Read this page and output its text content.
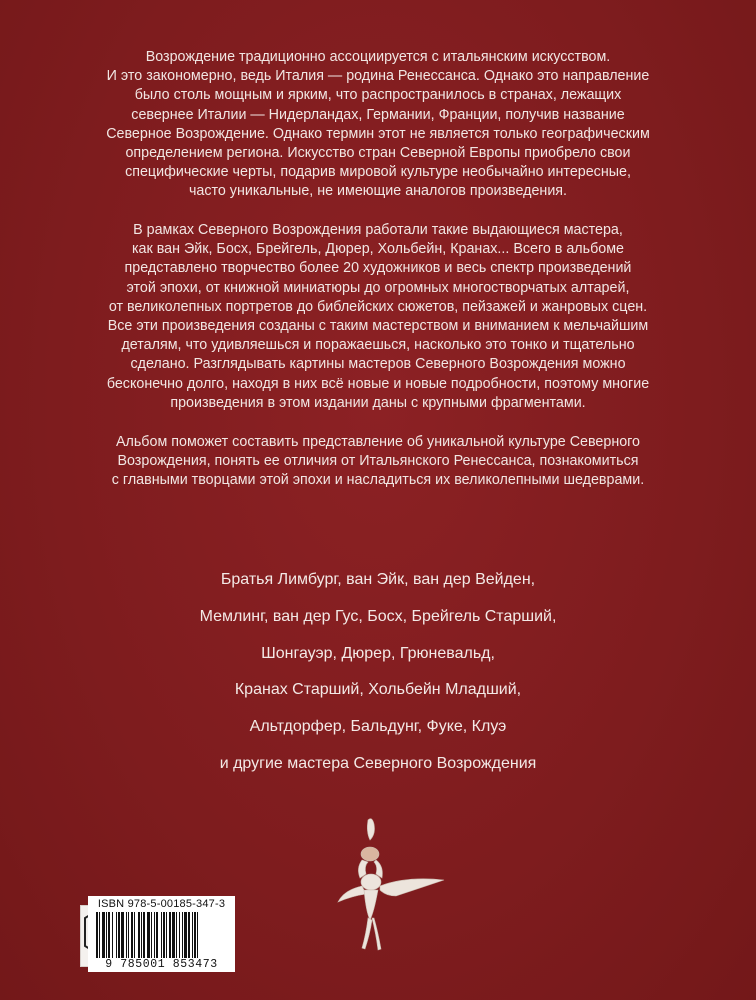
Возрождение традиционно ассоциируется с итальянским искусством.
И это закономерно, ведь Италия — родина Ренессанса. Однако это направление
было столь мощным и ярким, что распространилось в странах, лежащих
севернее Италии — Нидерландах, Германии, Франции, получив название
Северное Возрождение. Однако термин этот не является только географическим
определением региона. Искусство стран Северной Европы приобрело свои
специфические черты, подарив мировой культуре необычайно интересные,
часто уникальные, не имеющие аналогов произведения.
В рамках Северного Возрождения работали такие выдающиеся мастера,
как ван Эйк, Босх, Брейгель, Дюрер, Хольбейн, Кранах... Всего в альбоме
представлено творчество более 20 художников и весь спектр произведений
этой эпохи, от книжной миниатюры до огромных многостворчатых алтарей,
от великолепных портретов до библейских сюжетов, пейзажей и жанровых сцен.
Все эти произведения созданы с таким мастерством и вниманием к мельчайшим
деталям, что удивляешься и поражаешься, насколько это тонко и тщательно
сделано. Разглядывать картины мастеров Северного Возрождения можно
бесконечно долго, находя в них всё новые и новые подробности, поэтому многие
произведения в этом издании даны с крупными фрагментами.
Альбом поможет составить представление об уникальной культуре Северного
Возрождения, понять ее отличия от Итальянского Ренессанса, познакомиться
с главными творцами этой эпохи и насладиться их великолепными шедеврами.
Братья Лимбург, ван Эйк, ван дер Вейден,
Мемлинг, ван дер Гус, Босх, Брейгель Старший,
Шонгауэр, Дюрер, Грюневальд,
Кранах Старший, Хольбейн Младший,
Альтдорфер, Бальдунг, Фуке, Клуэ
и другие мастера Северного Возрождения
ISBN 978-5-00185-347-3
9 785001 853473
